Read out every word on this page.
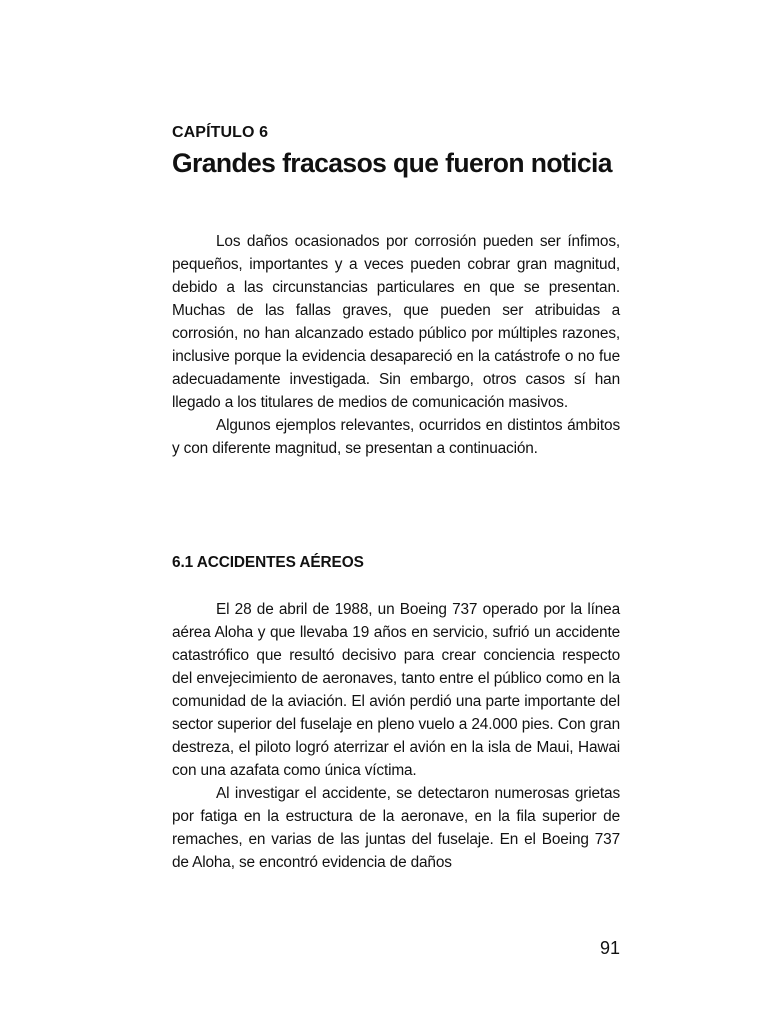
CAPÍTULO 6
Grandes fracasos que fueron noticia

Los daños ocasionados por corrosión pueden ser ínfimos, pequeños, importantes y a veces pueden cobrar gran magnitud, debido a las circunstancias particulares en que se presentan. Muchas de las fallas graves, que pueden ser atribuidas a corrosión, no han alcanzado estado público por múltiples razones, inclusive porque la evidencia desapareció en la catástrofe o no fue adecuadamente investigada. Sin embargo, otros casos sí han llegado a los titulares de medios de comunicación masivos.

Algunos ejemplos relevantes, ocurridos en distintos ámbitos y con diferente magnitud, se presentan a continuación.

6.1 ACCIDENTES AÉREOS

El 28 de abril de 1988, un Boeing 737 operado por la línea aérea Aloha y que llevaba 19 años en servicio, sufrió un accidente catastrófico que resultó decisivo para crear conciencia respecto del envejecimiento de aeronaves, tanto entre el público como en la comunidad de la aviación. El avión perdió una parte importante del sector superior del fuselaje en pleno vuelo a 24.000 pies. Con gran destreza, el piloto logró aterrizar el avión en la isla de Maui, Hawai con una azafata como única víctima.

Al investigar el accidente, se detectaron numerosas grietas por fatiga en la estructura de la aeronave, en la fila superior de remaches, en varias de las juntas del fuselaje. En el Boeing 737 de Aloha, se encontró evidencia de daños

91
